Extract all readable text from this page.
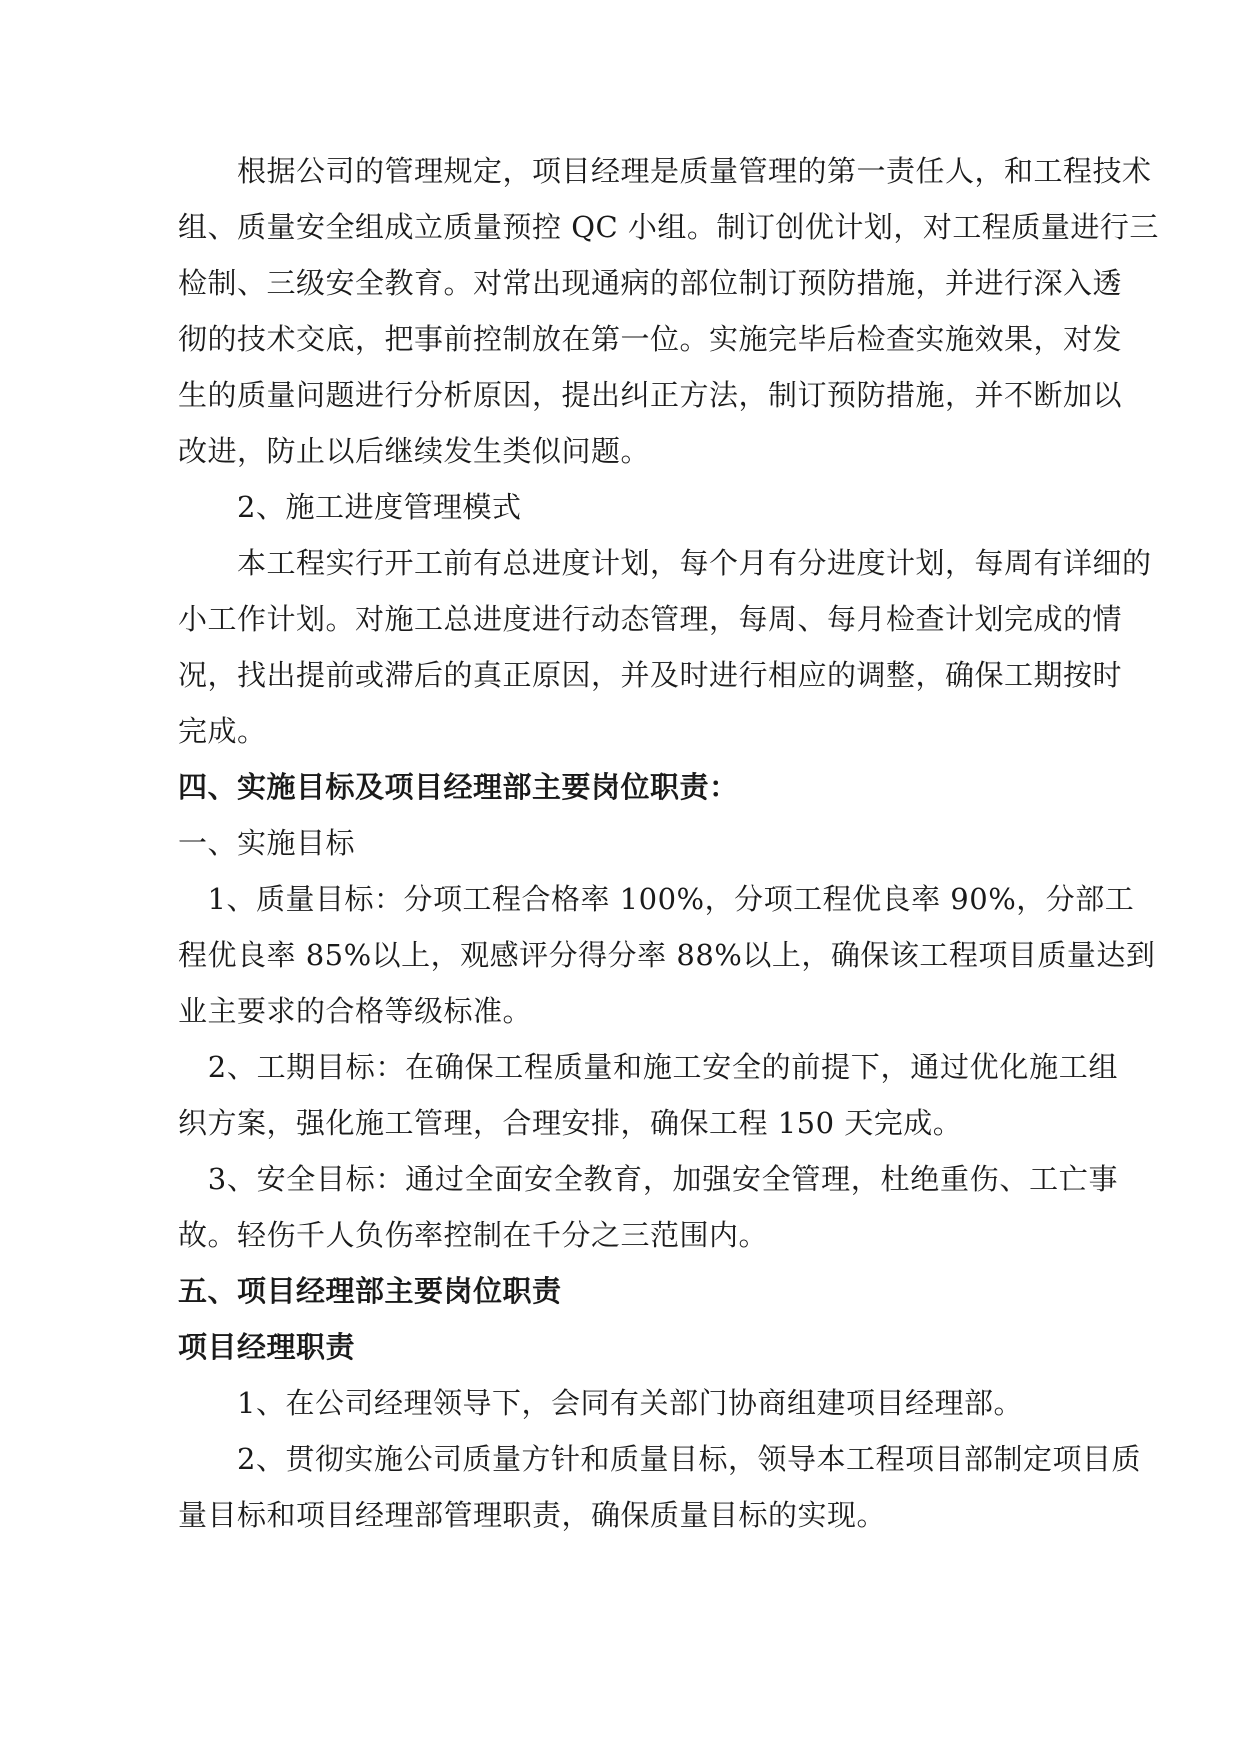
　　根据公司的管理规定，项目经理是质量管理的第一责任人，和工程技术
组、质量安全组成立质量预控 QC 小组。制订创优计划，对工程质量进行三
检制、三级安全教育。对常出现通病的部位制订预防措施，并进行深入透
彻的技术交底，把事前控制放在第一位。实施完毕后检查实施效果，对发
生的质量问题进行分析原因，提出纠正方法，制订预防措施，并不断加以
改进，防止以后继续发生类似问题。
　　2、施工进度管理模式
　　本工程实行开工前有总进度计划，每个月有分进度计划，每周有详细的
小工作计划。对施工总进度进行动态管理，每周、每月检查计划完成的情
况，找出提前或滞后的真正原因，并及时进行相应的调整，确保工期按时
完成。
四、实施目标及项目经理部主要岗位职责：
一、实施目标
　1、质量目标：分项工程合格率 100%，分项工程优良率 90%，分部工
程优良率 85%以上，观感评分得分率 88%以上，确保该工程项目质量达到
业主要求的合格等级标准。
　2、工期目标：在确保工程质量和施工安全的前提下，通过优化施工组
织方案，强化施工管理，合理安排，确保工程 150 天完成。
　3、安全目标：通过全面安全教育，加强安全管理，杜绝重伤、工亡事
故。轻伤千人负伤率控制在千分之三范围内。
五、项目经理部主要岗位职责
项目经理职责
　　1、在公司经理领导下，会同有关部门协商组建项目经理部。
　　2、贯彻实施公司质量方针和质量目标，领导本工程项目部制定项目质
量目标和项目经理部管理职责，确保质量目标的实现。
